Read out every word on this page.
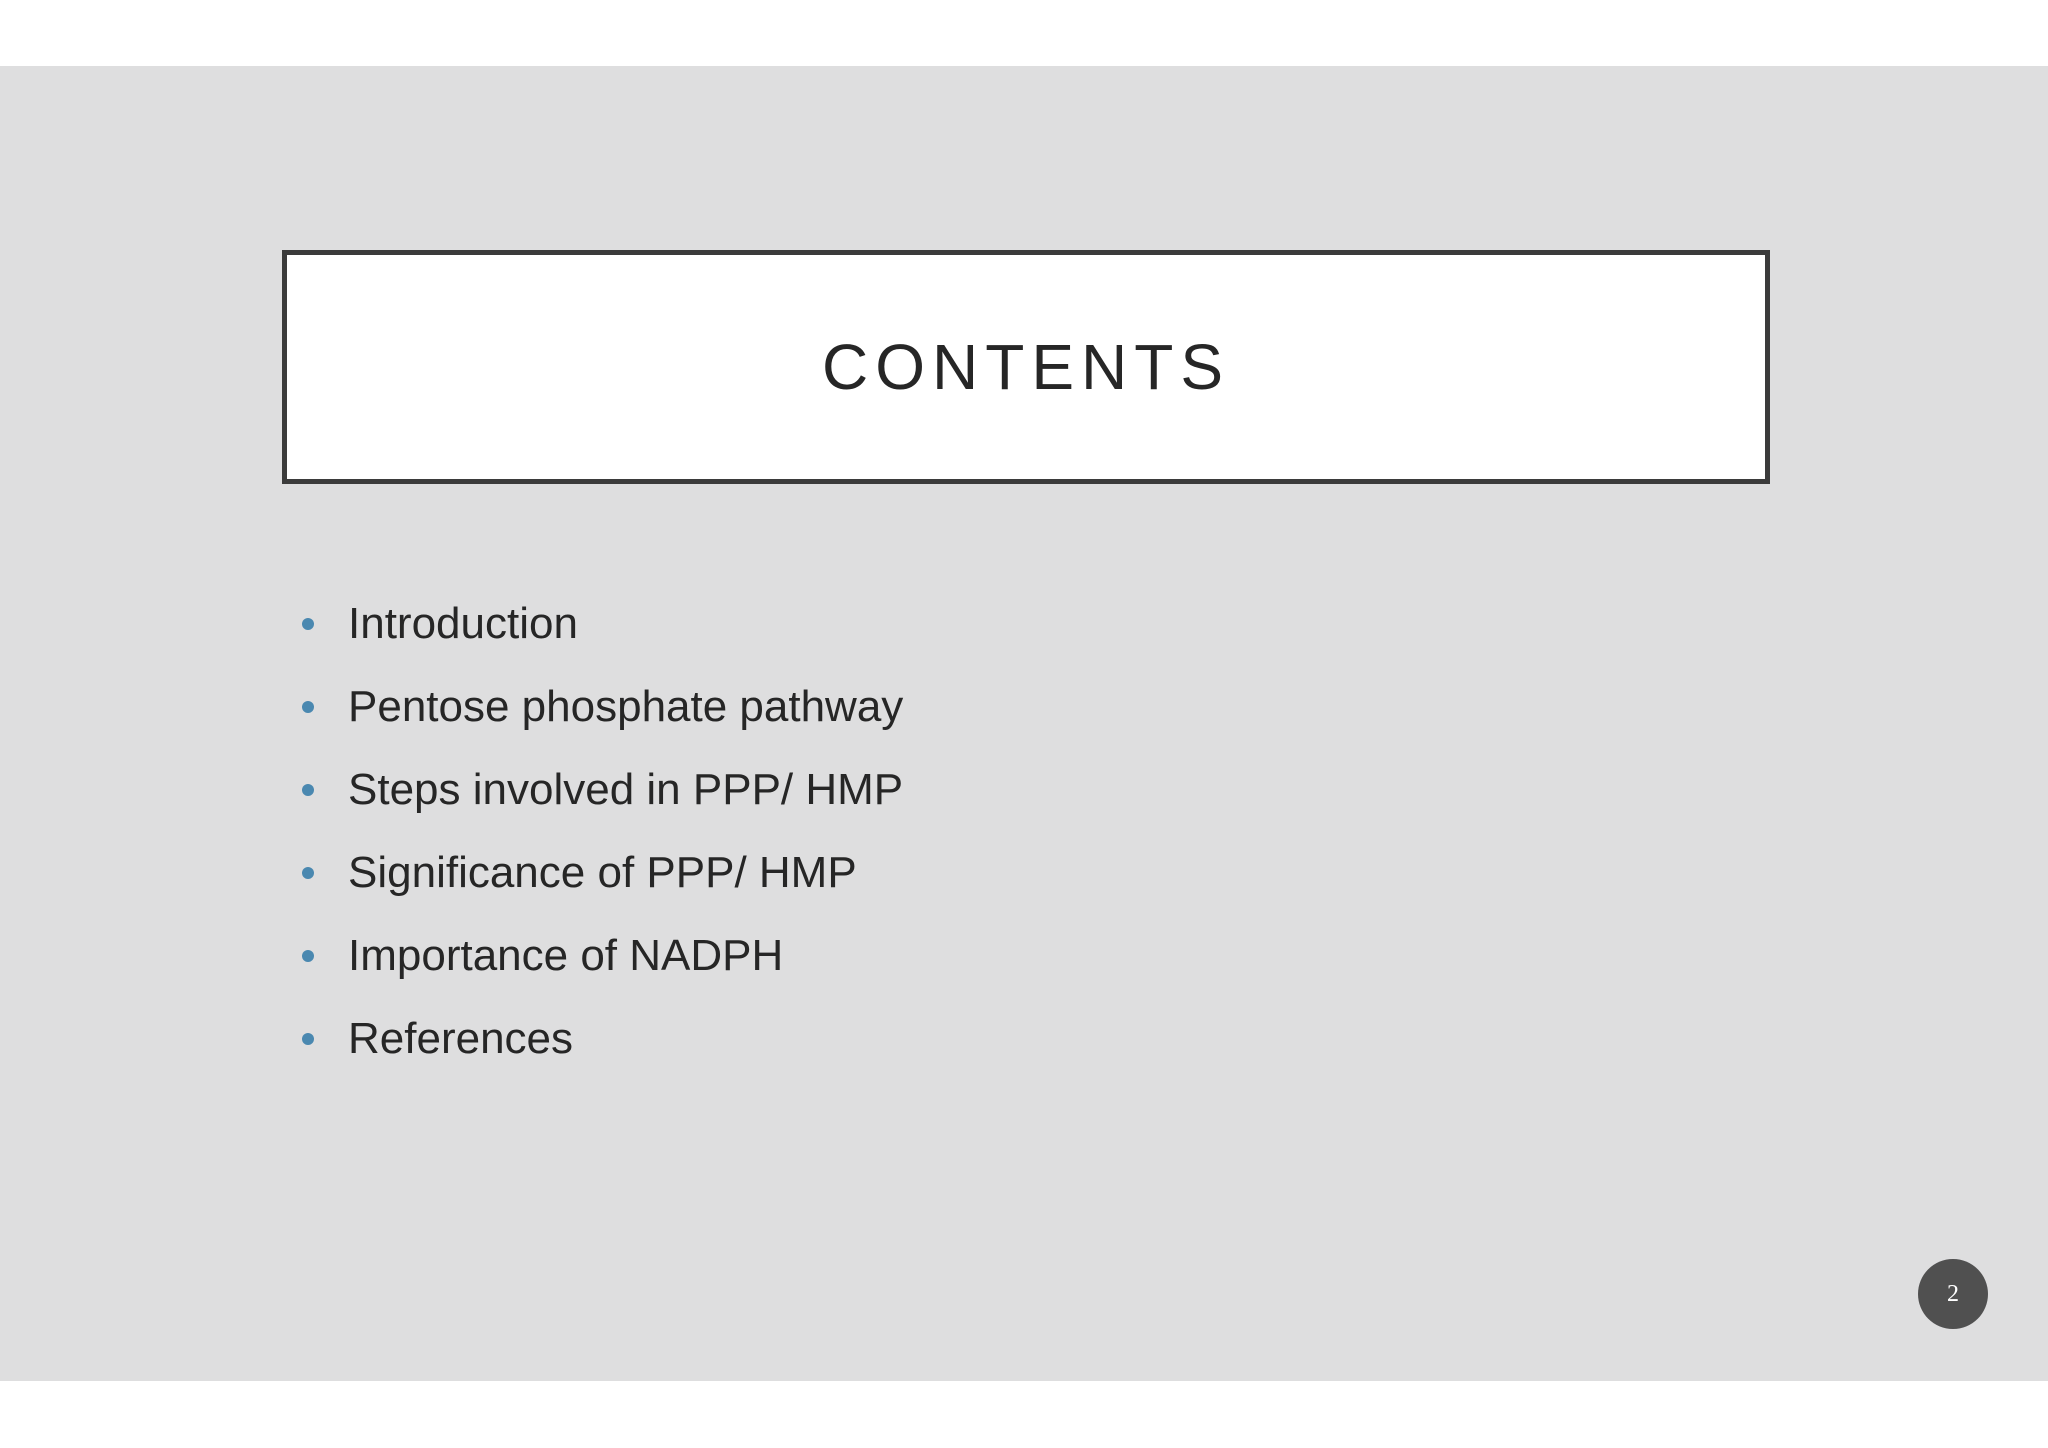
CONTENTS
Introduction
Pentose phosphate pathway
Steps involved in PPP/ HMP
Significance of PPP/ HMP
Importance of NADPH
References
2
